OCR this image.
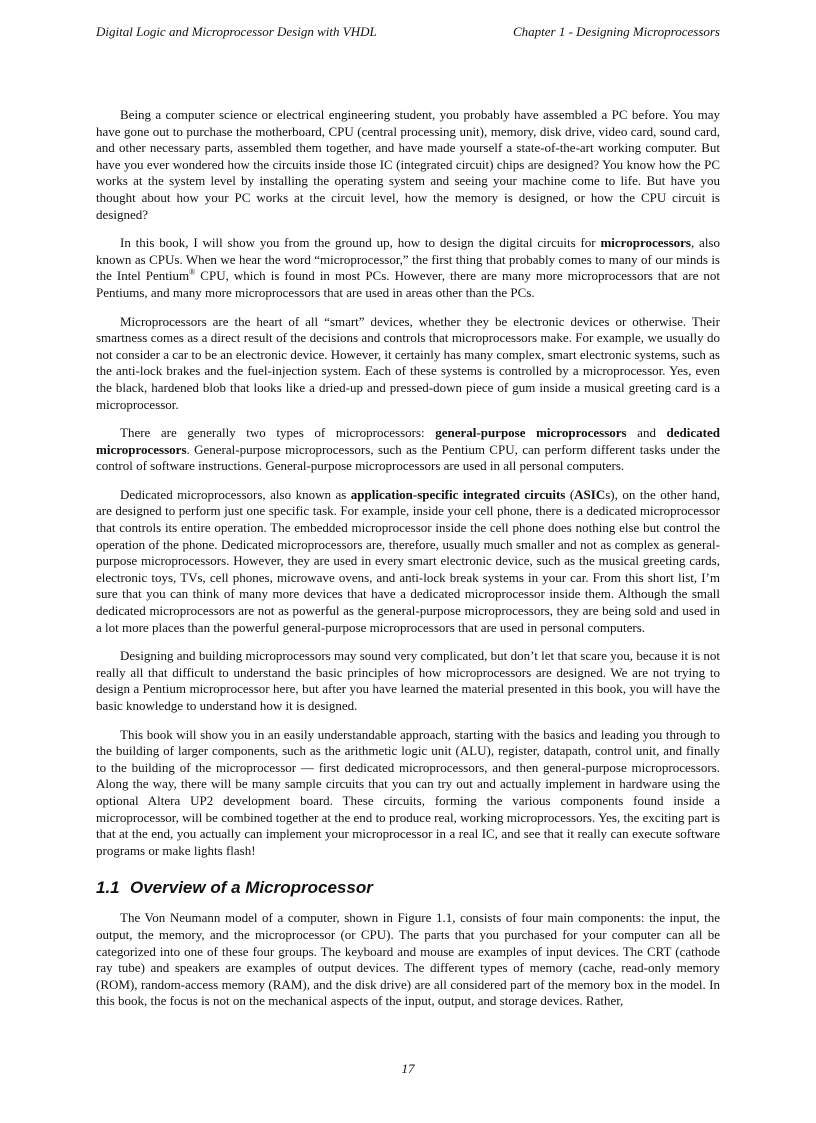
Digital Logic and Microprocessor Design with VHDL	Chapter 1 - Designing Microprocessors

Being a computer science or electrical engineering student, you probably have assembled a PC before. You may have gone out to purchase the motherboard, CPU (central processing unit), memory, disk drive, video card, sound card, and other necessary parts, assembled them together, and have made yourself a state-of-the-art working computer. But have you ever wondered how the circuits inside those IC (integrated circuit) chips are designed? You know how the PC works at the system level by installing the operating system and seeing your machine come to life. But have you thought about how your PC works at the circuit level, how the memory is designed, or how the CPU circuit is designed?

In this book, I will show you from the ground up, how to design the digital circuits for microprocessors, also known as CPUs. When we hear the word “microprocessor,” the first thing that probably comes to many of our minds is the Intel Pentium® CPU, which is found in most PCs. However, there are many more microprocessors that are not Pentiums, and many more microprocessors that are used in areas other than the PCs.

Microprocessors are the heart of all “smart” devices, whether they be electronic devices or otherwise. Their smartness comes as a direct result of the decisions and controls that microprocessors make. For example, we usually do not consider a car to be an electronic device. However, it certainly has many complex, smart electronic systems, such as the anti-lock brakes and the fuel-injection system. Each of these systems is controlled by a microprocessor. Yes, even the black, hardened blob that looks like a dried-up and pressed-down piece of gum inside a musical greeting card is a microprocessor.

There are generally two types of microprocessors: general-purpose microprocessors and dedicated microprocessors. General-purpose microprocessors, such as the Pentium CPU, can perform different tasks under the control of software instructions. General-purpose microprocessors are used in all personal computers.

Dedicated microprocessors, also known as application-specific integrated circuits (ASICs), on the other hand, are designed to perform just one specific task. For example, inside your cell phone, there is a dedicated microprocessor that controls its entire operation. The embedded microprocessor inside the cell phone does nothing else but control the operation of the phone. Dedicated microprocessors are, therefore, usually much smaller and not as complex as general-purpose microprocessors. However, they are used in every smart electronic device, such as the musical greeting cards, electronic toys, TVs, cell phones, microwave ovens, and anti-lock break systems in your car. From this short list, I’m sure that you can think of many more devices that have a dedicated microprocessor inside them. Although the small dedicated microprocessors are not as powerful as the general-purpose microprocessors, they are being sold and used in a lot more places than the powerful general-purpose microprocessors that are used in personal computers.

Designing and building microprocessors may sound very complicated, but don’t let that scare you, because it is not really all that difficult to understand the basic principles of how microprocessors are designed. We are not trying to design a Pentium microprocessor here, but after you have learned the material presented in this book, you will have the basic knowledge to understand how it is designed.

This book will show you in an easily understandable approach, starting with the basics and leading you through to the building of larger components, such as the arithmetic logic unit (ALU), register, datapath, control unit, and finally to the building of the microprocessor — first dedicated microprocessors, and then general-purpose microprocessors. Along the way, there will be many sample circuits that you can try out and actually implement in hardware using the optional Altera UP2 development board. These circuits, forming the various components found inside a microprocessor, will be combined together at the end to produce real, working microprocessors. Yes, the exciting part is that at the end, you actually can implement your microprocessor in a real IC, and see that it really can execute software programs or make lights flash!

1.1 Overview of a Microprocessor

The Von Neumann model of a computer, shown in Figure 1.1, consists of four main components: the input, the output, the memory, and the microprocessor (or CPU). The parts that you purchased for your computer can all be categorized into one of these four groups. The keyboard and mouse are examples of input devices. The CRT (cathode ray tube) and speakers are examples of output devices. The different types of memory (cache, read-only memory (ROM), random-access memory (RAM), and the disk drive) are all considered part of the memory box in the model. In this book, the focus is not on the mechanical aspects of the input, output, and storage devices. Rather,

17
